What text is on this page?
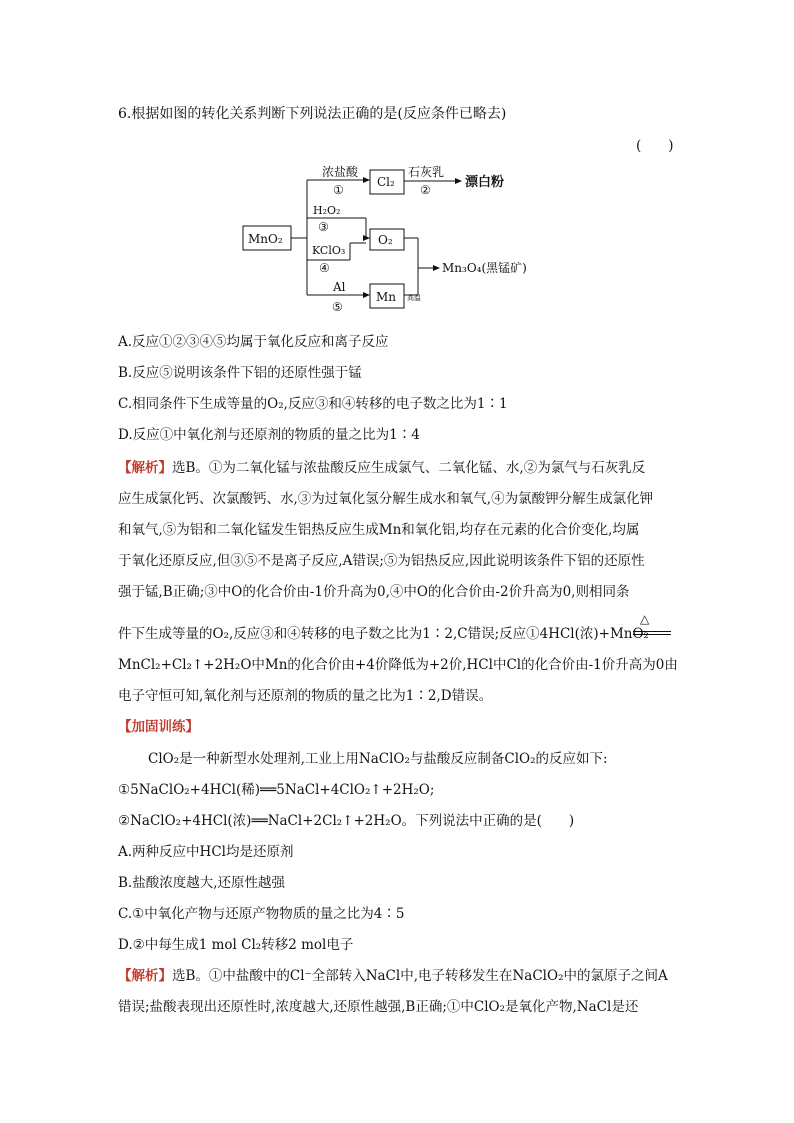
6.根据如图的转化关系判断下列说法正确的是(反应条件已略去)
(　　)
MnO₂
Cl₂
O₂
Mn
浓盐酸
①
石灰乳
②	漂白粉
H₂O₂
③
KClO₃
④
Al
⑤
高温
Mn₃O₄(黑锰矿)
A.反应①②③④⑤均属于氧化反应和离子反应
B.反应⑤说明该条件下铝的还原性强于锰
C.相同条件下生成等量的O₂,反应③和④转移的电子数之比为1∶1
D.反应①中氧化剂与还原剂的物质的量之比为1∶4
【解析】选B。①为二氧化锰与浓盐酸反应生成氯气、二氧化锰、水,②为氯气与石灰乳反
应生成氯化钙、次氯酸钙、水,③为过氧化氢分解生成水和氧气,④为氯酸钾分解生成氯化钾
和氧气,⑤为铝和二氧化锰发生铝热反应生成Mn和氧化铝,均存在元素的化合价变化,均属
于氧化还原反应,但③⑤不是离子反应,A错误;⑤为铝热反应,因此说明该条件下铝的还原性
强于锰,B正确;③中O的化合价由-1价升高为0,④中O的化合价由-2价升高为0,则相同条
件下生成等量的O₂,反应③和④转移的电子数之比为1∶2,C错误;反应①4HCl(浓)+MnO₂
△
MnCl₂+Cl₂↑+2H₂O中Mn的化合价由+4价降低为+2价,HCl中Cl的化合价由-1价升高为0由
电子守恒可知,氧化剂与还原剂的物质的量之比为1∶2,D错误。
【加固训练】
ClO₂是一种新型水处理剂,工业上用NaClO₂与盐酸反应制备ClO₂的反应如下:
①5NaClO₂+4HCl(稀)══5NaCl+4ClO₂↑+2H₂O;
②NaClO₂+4HCl(浓)══NaCl+2Cl₂↑+2H₂O。下列说法中正确的是(　　)
A.两种反应中HCl均是还原剂
B.盐酸浓度越大,还原性越强
C.①中氧化产物与还原产物物质的量之比为4∶5
D.②中每生成1 mol Cl₂转移2 mol电子
【解析】选B。①中盐酸中的Cl⁻全部转入NaCl中,电子转移发生在NaClO₂中的氯原子之间A
错误;盐酸表现出还原性时,浓度越大,还原性越强,B正确;①中ClO₂是氧化产物,NaCl是还
